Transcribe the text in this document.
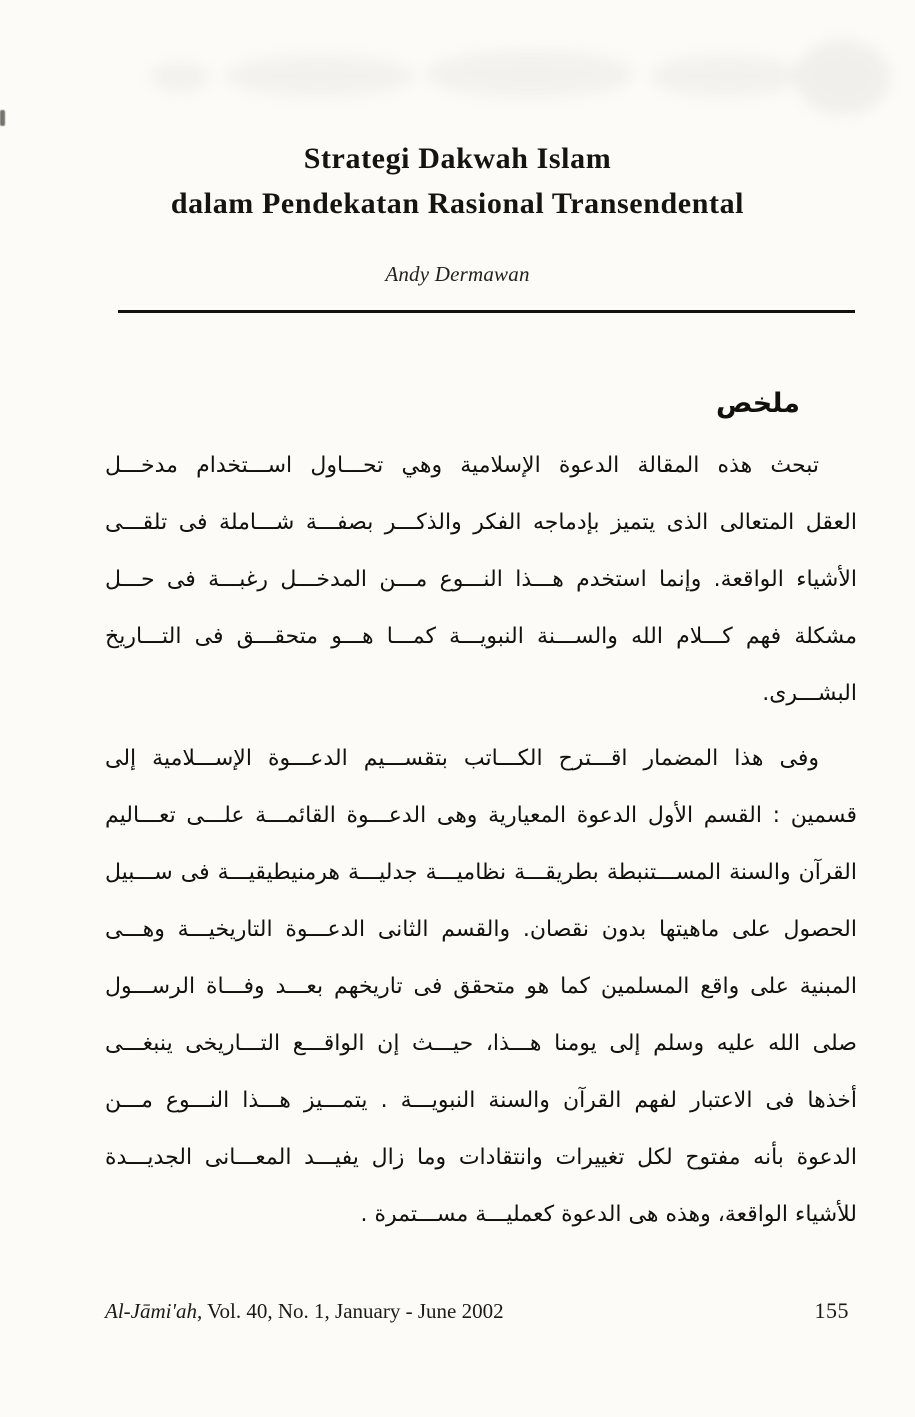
Strategi Dakwah Islam
dalam Pendekatan Rasional Transendental
Andy Dermawan
ملخص
تبحث هذه المقالة الدعوة الإسلامية وهي تحـــاول اســـتخدام مدخـــل
العقل المتعالى الذى يتميز بإدماجه الفكر والذكـــر بصفـــة شـــاملة فى تلقـــى
الأشياء الواقعة. وإنما استخدم هـــذا النـــوع مـــن المدخـــل رغبـــة فى حـــل
مشكلة فهم كـــلام الله والســـنة النبويـــة كمـــا هـــو متحقـــق فى التـــاريخ
البشـــرى.
وفى هذا المضمار اقـــترح الكـــاتب بتقســـيم الدعـــوة الإســـلامية إلى
قسمين : القسم الأول الدعوة المعيارية وهى الدعـــوة القائمـــة علـــى تعـــاليم
القرآن والسنة المســـتنبطة بطريقـــة نظاميـــة جدليـــة هرمنيطيقيـــة فى ســـبيل
الحصول على ماهيتها بدون نقصان. والقسم الثانى الدعـــوة التاريخيـــة وهـــى
المبنية على واقع المسلمين كما هو متحقق فى تاريخهم بعـــد وفـــاة الرســـول
صلى الله عليه وسلم إلى يومنا هـــذا، حيـــث إن الواقـــع التـــاريخى ينبغـــى
أخذها فى الاعتبار لفهم القرآن والسنة النبويـــة . يتمـــيز هـــذا النـــوع مـــن
الدعوة بأنه مفتوح لكل تغييرات وانتقادات وما زال يفيـــد المعـــانى الجديـــدة
للأشياء الواقعة، وهذه هى الدعوة كعمليـــة مســـتمرة .
Al-Jāmi'ah, Vol. 40, No. 1, January - June 2002	155
